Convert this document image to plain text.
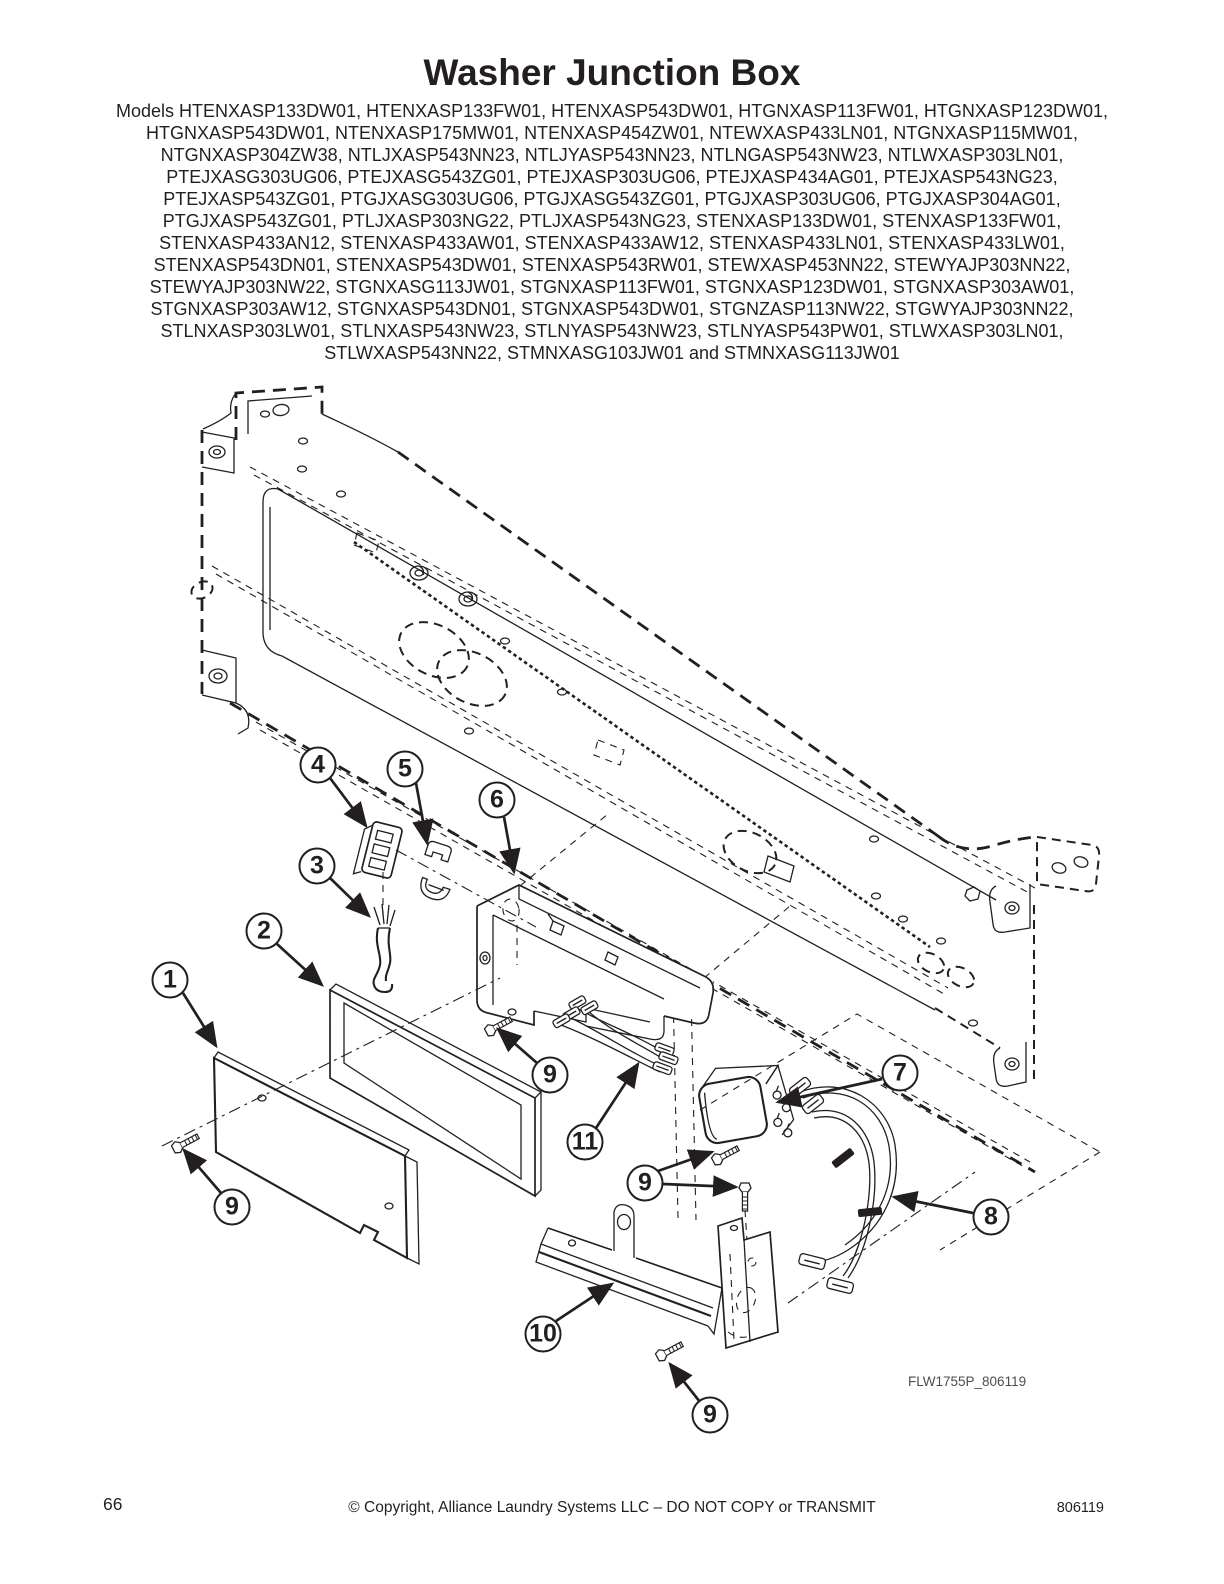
Washer Junction Box
Models HTENXASP133DW01, HTENXASP133FW01, HTENXASP543DW01, HTGNXASP113FW01, HTGNXASP123DW01,
HTGNXASP543DW01, NTENXASP175MW01, NTENXASP454ZW01, NTEWXASP433LN01, NTGNXASP115MW01,
NTGNXASP304ZW38, NTLJXASP543NN23, NTLJYASP543NN23, NTLNGASP543NW23, NTLWXASP303LN01,
PTEJXASG303UG06, PTEJXASG543ZG01, PTEJXASP303UG06, PTEJXASP434AG01, PTEJXASP543NG23,
PTEJXASP543ZG01, PTGJXASG303UG06, PTGJXASG543ZG01, PTGJXASP303UG06, PTGJXASP304AG01,
PTGJXASP543ZG01, PTLJXASP303NG22, PTLJXASP543NG23, STENXASP133DW01, STENXASP133FW01,
STENXASP433AN12, STENXASP433AW01, STENXASP433AW12, STENXASP433LN01, STENXASP433LW01,
STENXASP543DN01, STENXASP543DW01, STENXASP543RW01, STEWXASP453NN22, STEWYAJP303NN22,
STEWYAJP303NW22, STGNXASG113JW01, STGNXASP113FW01, STGNXASP123DW01, STGNXASP303AW01,
STGNXASP303AW12, STGNXASP543DN01, STGNXASP543DW01, STGNZASP113NW22, STGWYAJP303NN22,
STLNXASP303LW01, STLNXASP543NW23, STLNYASP543NW23, STLNYASP543PW01, STLWXASP303LN01,
STLWXASP543NN22, STMNXASG103JW01 and STMNXASG113JW01
1
2
3
4	5
6
7
8
9
9
9
9
10
11
FLW1755P_806119
66	© Copyright, Alliance Laundry Systems LLC – DO NOT COPY or TRANSMIT	806119
